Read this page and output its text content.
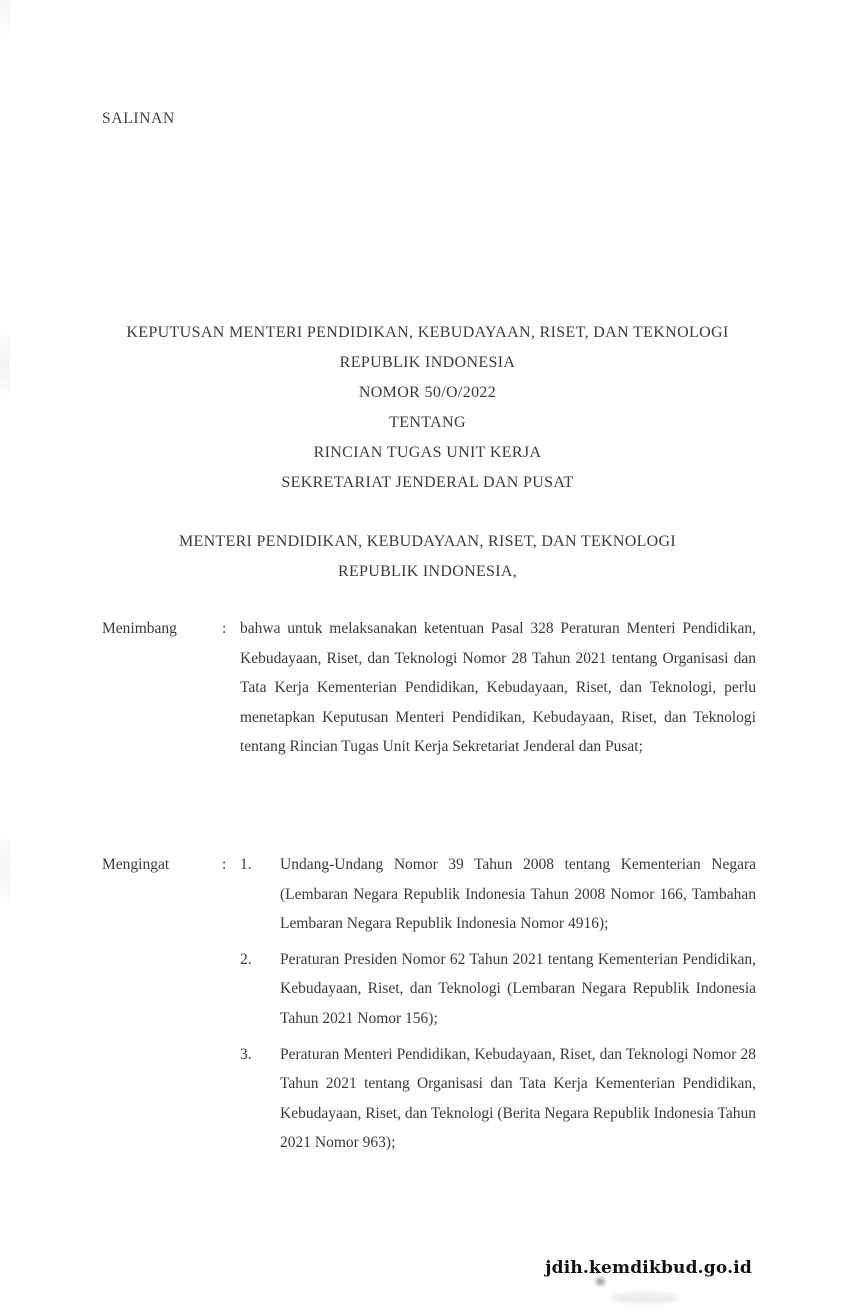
SALINAN
KEPUTUSAN MENTERI PENDIDIKAN, KEBUDAYAAN, RISET, DAN TEKNOLOGI
REPUBLIK INDONESIA
NOMOR 50/O/2022
TENTANG
RINCIAN TUGAS UNIT KERJA
SEKRETARIAT JENDERAL DAN PUSAT
MENTERI PENDIDIKAN, KEBUDAYAAN, RISET, DAN TEKNOLOGI
REPUBLIK INDONESIA,
Menimbang	: bahwa untuk melaksanakan ketentuan Pasal 328 Peraturan Menteri Pendidikan, Kebudayaan, Riset, dan Teknologi Nomor 28 Tahun 2021 tentang Organisasi dan Tata Kerja Kementerian Pendidikan, Kebudayaan, Riset, dan Teknologi, perlu menetapkan Keputusan Menteri Pendidikan, Kebudayaan, Riset, dan Teknologi tentang Rincian Tugas Unit Kerja Sekretariat Jenderal dan Pusat;

Mengingat	: 1.	Undang-Undang Nomor 39 Tahun 2008 tentang Kementerian Negara (Lembaran Negara Republik Indonesia Tahun 2008 Nomor 166, Tambahan Lembaran Negara Republik Indonesia Nomor 4916);
2.	Peraturan Presiden Nomor 62 Tahun 2021 tentang Kementerian Pendidikan, Kebudayaan, Riset, dan Teknologi (Lembaran Negara Republik Indonesia Tahun 2021 Nomor 156);
3.	Peraturan Menteri Pendidikan, Kebudayaan, Riset, dan Teknologi Nomor 28 Tahun 2021 tentang Organisasi dan Tata Kerja Kementerian Pendidikan, Kebudayaan, Riset, dan Teknologi (Berita Negara Republik Indonesia Tahun 2021 Nomor 963);
jdih.kemdikbud.go.id
